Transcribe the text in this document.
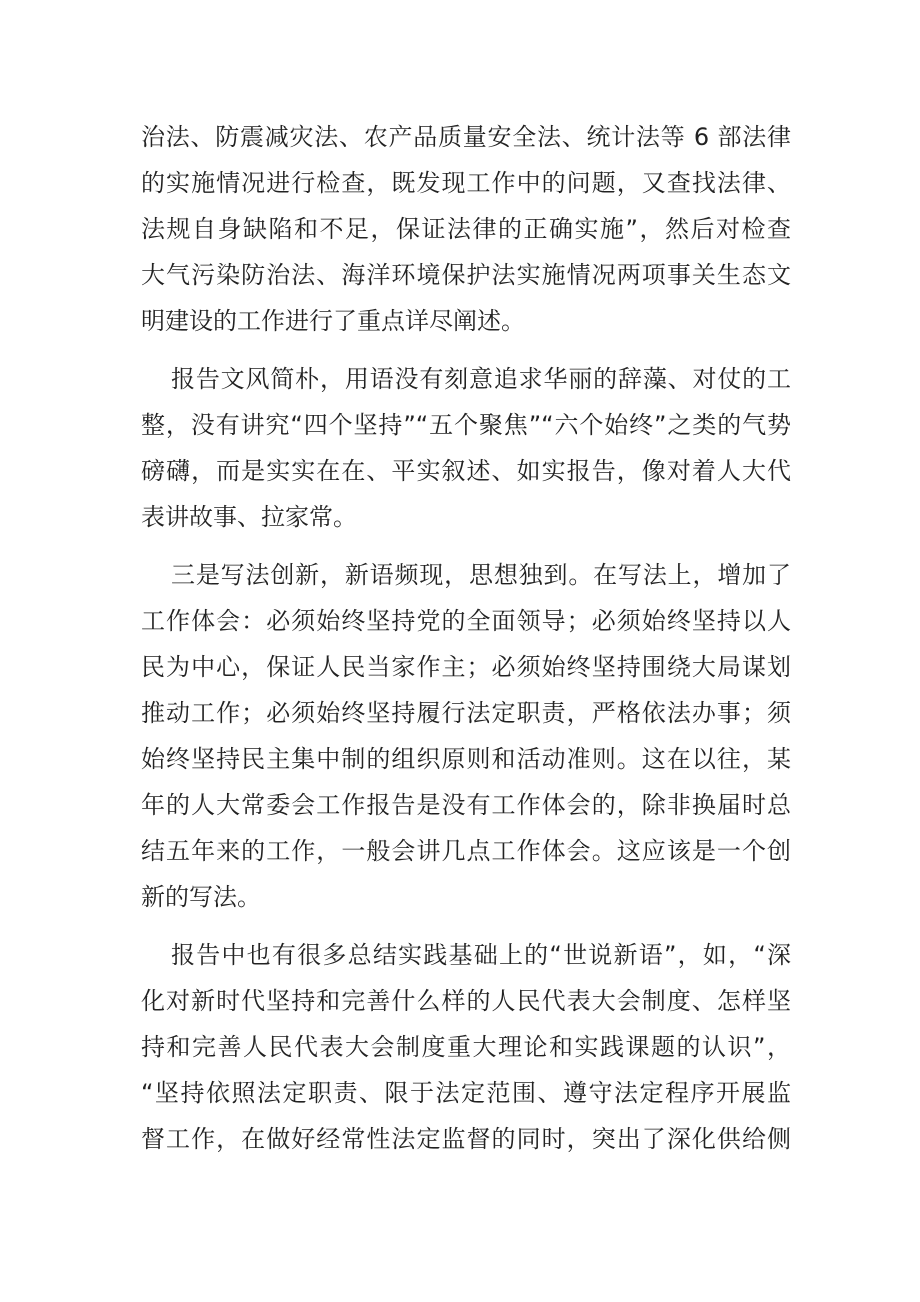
治法、防震减灾法、农产品质量安全法、统计法等 6 部法律
的实施情况进行检查，既发现工作中的问题，又查找法律、
法规自身缺陷和不足，保证法律的正确实施”，然后对检查
大气污染防治法、海洋环境保护法实施情况两项事关生态文
明建设的工作进行了重点详尽阐述。
报告文风简朴，用语没有刻意追求华丽的辞藻、对仗的工
整，没有讲究“四个坚持”“五个聚焦”“六个始终”之类的气势
磅礴，而是实实在在、平实叙述、如实报告，像对着人大代
表讲故事、拉家常。
三是写法创新，新语频现，思想独到。在写法上，增加了
工作体会：必须始终坚持党的全面领导；必须始终坚持以人
民为中心，保证人民当家作主；必须始终坚持围绕大局谋划
推动工作；必须始终坚持履行法定职责，严格依法办事；须
始终坚持民主集中制的组织原则和活动准则。这在以往，某
年的人大常委会工作报告是没有工作体会的，除非换届时总
结五年来的工作，一般会讲几点工作体会。这应该是一个创
新的写法。
报告中也有很多总结实践基础上的“世说新语”，如，“深
化对新时代坚持和完善什么样的人民代表大会制度、怎样坚
持和完善人民代表大会制度重大理论和实践课题的认识”，
“坚持依照法定职责、限于法定范围、遵守法定程序开展监
督工作，在做好经常性法定监督的同时，突出了深化供给侧
